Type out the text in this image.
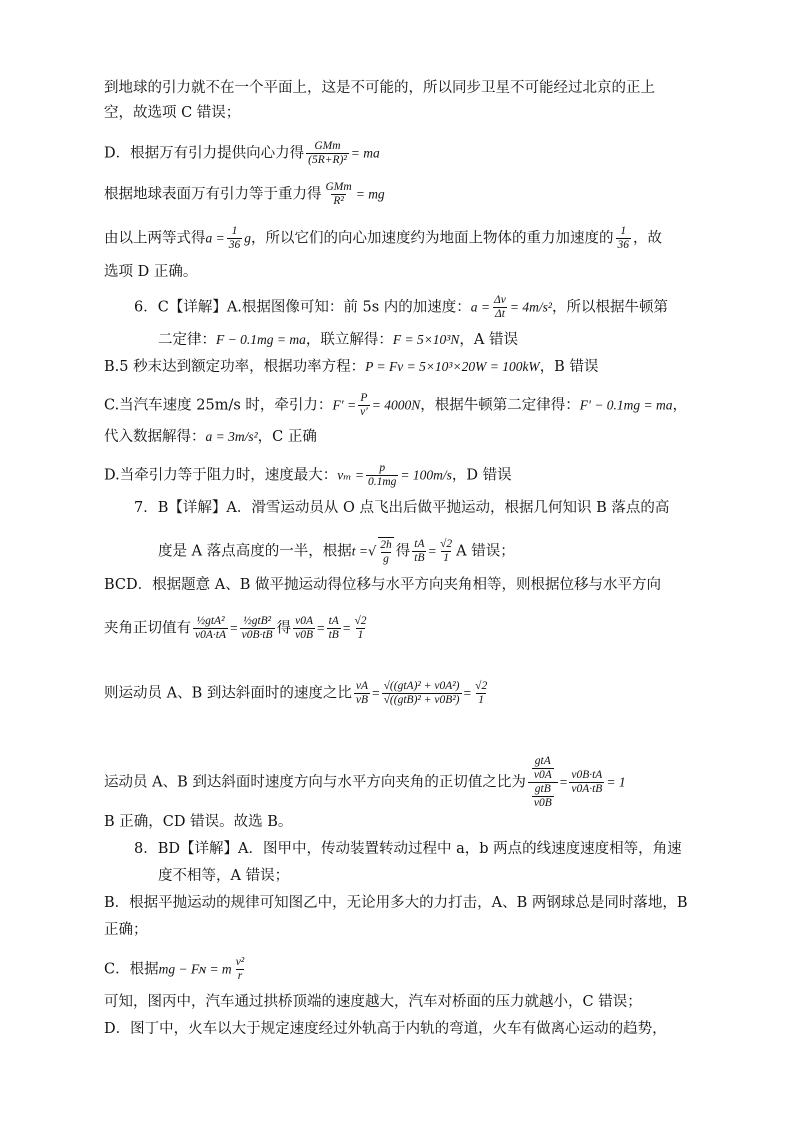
到地球的引力就不在一个平面上，这是不可能的，所以同步卫星不可能经过北京的正上
空，故选项 C 错误；
D．根据万有引力提供向心力得 GMm
(5R+R)² = ma
根据地球表面万有引力等于重力得 GMm
R² = mg
由以上两等式得$a = \frac{1}{36}$ g，所以它们的向心加速度约为地面上物体的重力加速度的 $\frac{1}{36}$ ，故
选项 D 正确。
6．C【详解】A.根据图像可知：前 5s 内的加速度：$a = \frac{\Delta v}{\Delta t} = 4m/s^2$，所以根据牛顿第
二定律：F − 0.1mg = ma，联立解得：F = 5×10³N，A 错误
B.5 秒末达到额定功率，根据功率方程：P = Fv = 5×10³×20W = 100kW，B 错误
C.当汽车速度 25m/s 时，牵引力：$F' = \frac{P}{v'} = 4000N$，根据牛顿第二定律得：F′ − 0.1mg = ma，
代入数据解得：a = 3m/s²，C 正确
D.当牵引力等于阻力时，速度最大：$v_m = \frac{p}{0.1mg} = 100m/s$，D 错误
7．B【详解】A．滑雪运动员从 O 点飞出后做平抛运动，根据几何知识 B 落点的高
度是 A 落点高度的一半，根据t =√ $\frac{2h}{g}$ 得 $\frac{tA}{tB} = \frac{√2}{1}$ A 错误；
BCD．根据题意 A、B 做平抛运动得位移与水平方向夹角相等，则根据位移与水平方向
夹角正切值有 ½gtA²
v0A·tA = ½gtB²
v0B·tB 得 $\frac{v0A}{v0B} = \frac{tA}{tB} = \frac{√2}{1}$
则运动员 A、B 到达斜面时的速度之比 $\frac{vA}{vB} = √((gtA)^2 + v0A^2)$
$√((gtB)^2 + v0B^2) = \frac{√2}{1}$
运动员 A、B 到达斜面时速度方向与水平方向夹角的正切值之比为
gtA
v0A
gtB
v0B
= $\frac{v0B\cdot tA}{v0A\cdot tB} = 1$
B 正确，CD 错误。故选 B。
8．BD【详解】A．图甲中，传动装置转动过程中 a，b 两点的线速度速度相等，角速
度不相等，A 错误；
B．根据平抛运动的规律可知图乙中，无论用多大的力打击，A、B 两钢球总是同时落地，B
正确；
C．根据mg − Fɴ = m $\frac{\text{v²}}{r}$
可知，图丙中，汽车通过拱桥顶端的速度越大，汽车对桥面的压力就越小，C 错误；
D．图丁中，火车以大于规定速度经过外轨高于内轨的弯道，火车有做离心运动的趋势，
